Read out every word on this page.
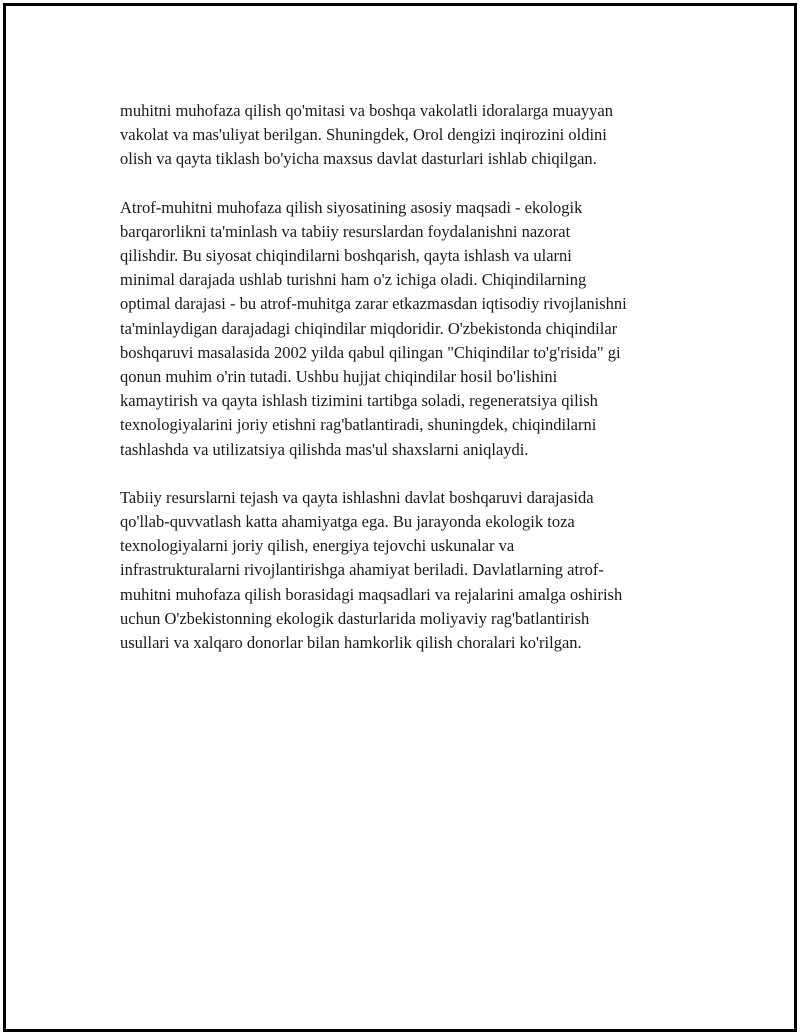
muhitni muhofaza qilish qo'mitasi va boshqa vakolatli idoralarga muayyan
vakolat va mas'uliyat berilgan. Shuningdek, Orol dengizi inqirozini oldini
olish va qayta tiklash bo'yicha maxsus davlat dasturlari ishlab chiqilgan.

Atrof-muhitni muhofaza qilish siyosatining asosiy maqsadi - ekologik
barqarorlikni ta'minlash va tabiiy resurslardan foydalanishni nazorat
qilishdir. Bu siyosat chiqindilarni boshqarish, qayta ishlash va ularni
minimal darajada ushlab turishni ham o'z ichiga oladi. Chiqindilarning
optimal darajasi - bu atrof-muhitga zarar etkazmasdan iqtisodiy rivojlanishni
ta'minlaydigan darajadagi chiqindilar miqdoridir. O'zbekistonda chiqindilar
boshqaruvi masalasida 2002 yilda qabul qilingan "Chiqindilar to'g'risida" gi
qonun muhim o'rin tutadi. Ushbu hujjat chiqindilar hosil bo'lishini
kamaytirish va qayta ishlash tizimini tartibga soladi, regeneratsiya qilish
texnologiyalarini joriy etishni rag'batlantiradi, shuningdek, chiqindilarni
tashlashda va utilizatsiya qilishda mas'ul shaxslarni aniqlaydi.

Tabiiy resurslarni tejash va qayta ishlashni davlat boshqaruvi darajasida
qo'llab-quvvatlash katta ahamiyatga ega. Bu jarayonda ekologik toza
texnologiyalarni joriy qilish, energiya tejovchi uskunalar va
infrastrukturalarni rivojlantirishga ahamiyat beriladi. Davlatlarning atrof-
muhitni muhofaza qilish borasidagi maqsadlari va rejalarini amalga oshirish
uchun O'zbekistonning ekologik dasturlarida moliyaviy rag'batlantirish
usullari va xalqaro donorlar bilan hamkorlik qilish choralari ko'rilgan.
